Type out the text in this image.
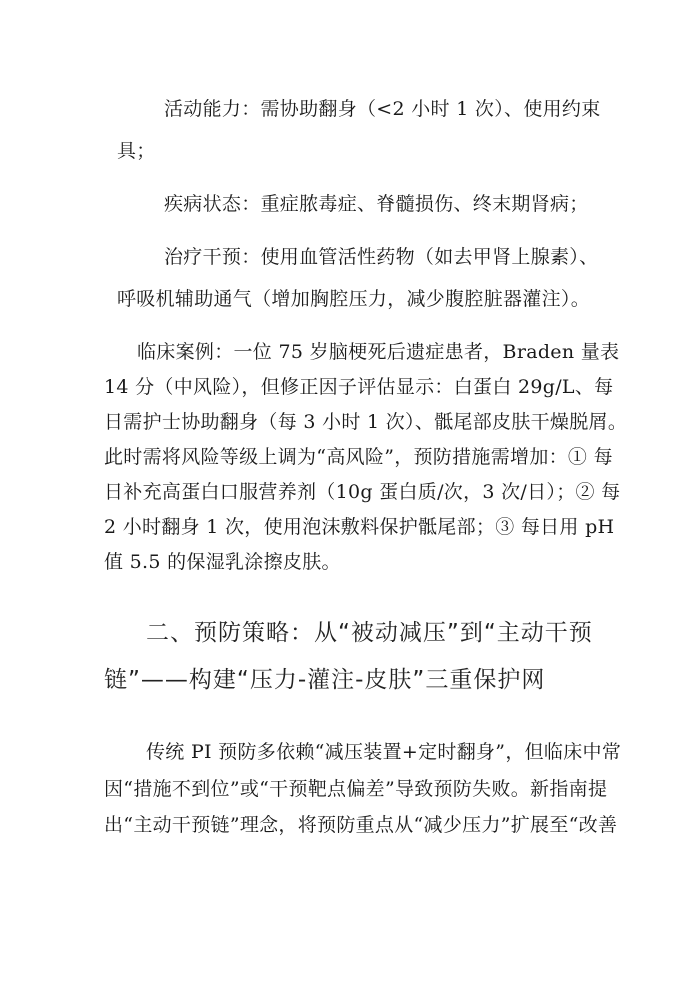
活动能力：需协助翻身（<2 小时 1 次）、使用约束
具；
疾病状态：重症脓毒症、脊髓损伤、终末期肾病；
治疗干预：使用血管活性药物（如去甲肾上腺素）、
呼吸机辅助通气（增加胸腔压力，减少腹腔脏器灌注）。
临床案例：一位 75 岁脑梗死后遗症患者，Braden 量表
14 分（中风险），但修正因子评估显示：白蛋白 29g/L、每
日需护士协助翻身（每 3 小时 1 次）、骶尾部皮肤干燥脱屑。
此时需将风险等级上调为“高风险”，预防措施需增加：① 每
日补充高蛋白口服营养剂（10g 蛋白质/次，3 次/日）；② 每
2 小时翻身 1 次，使用泡沫敷料保护骶尾部；③ 每日用 pH
值 5.5 的保湿乳涂擦皮肤。
二、预防策略：从“被动减压”到“主动干预
链”——构建“压力-灌注-皮肤”三重保护网
传统 PI 预防多依赖“减压装置+定时翻身”，但临床中常
因“措施不到位”或“干预靶点偏差”导致预防失败。新指南提
出“主动干预链”理念，将预防重点从“减少压力”扩展至“改善
